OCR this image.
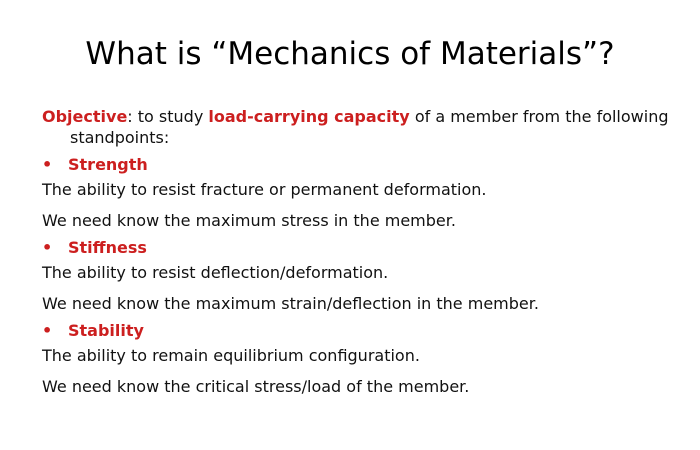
What is “Mechanics of Materials”?

Objective: to study load-carrying capacity of a member from the following standpoints:

• Strength

The ability to resist fracture or permanent deformation.

We need know the maximum stress in the member.

• Stiffness

The ability to resist deflection/deformation.

We need know the maximum strain/deflection in the member.

• Stability

The ability to remain equilibrium configuration.

We need know the critical stress/load of the member.
